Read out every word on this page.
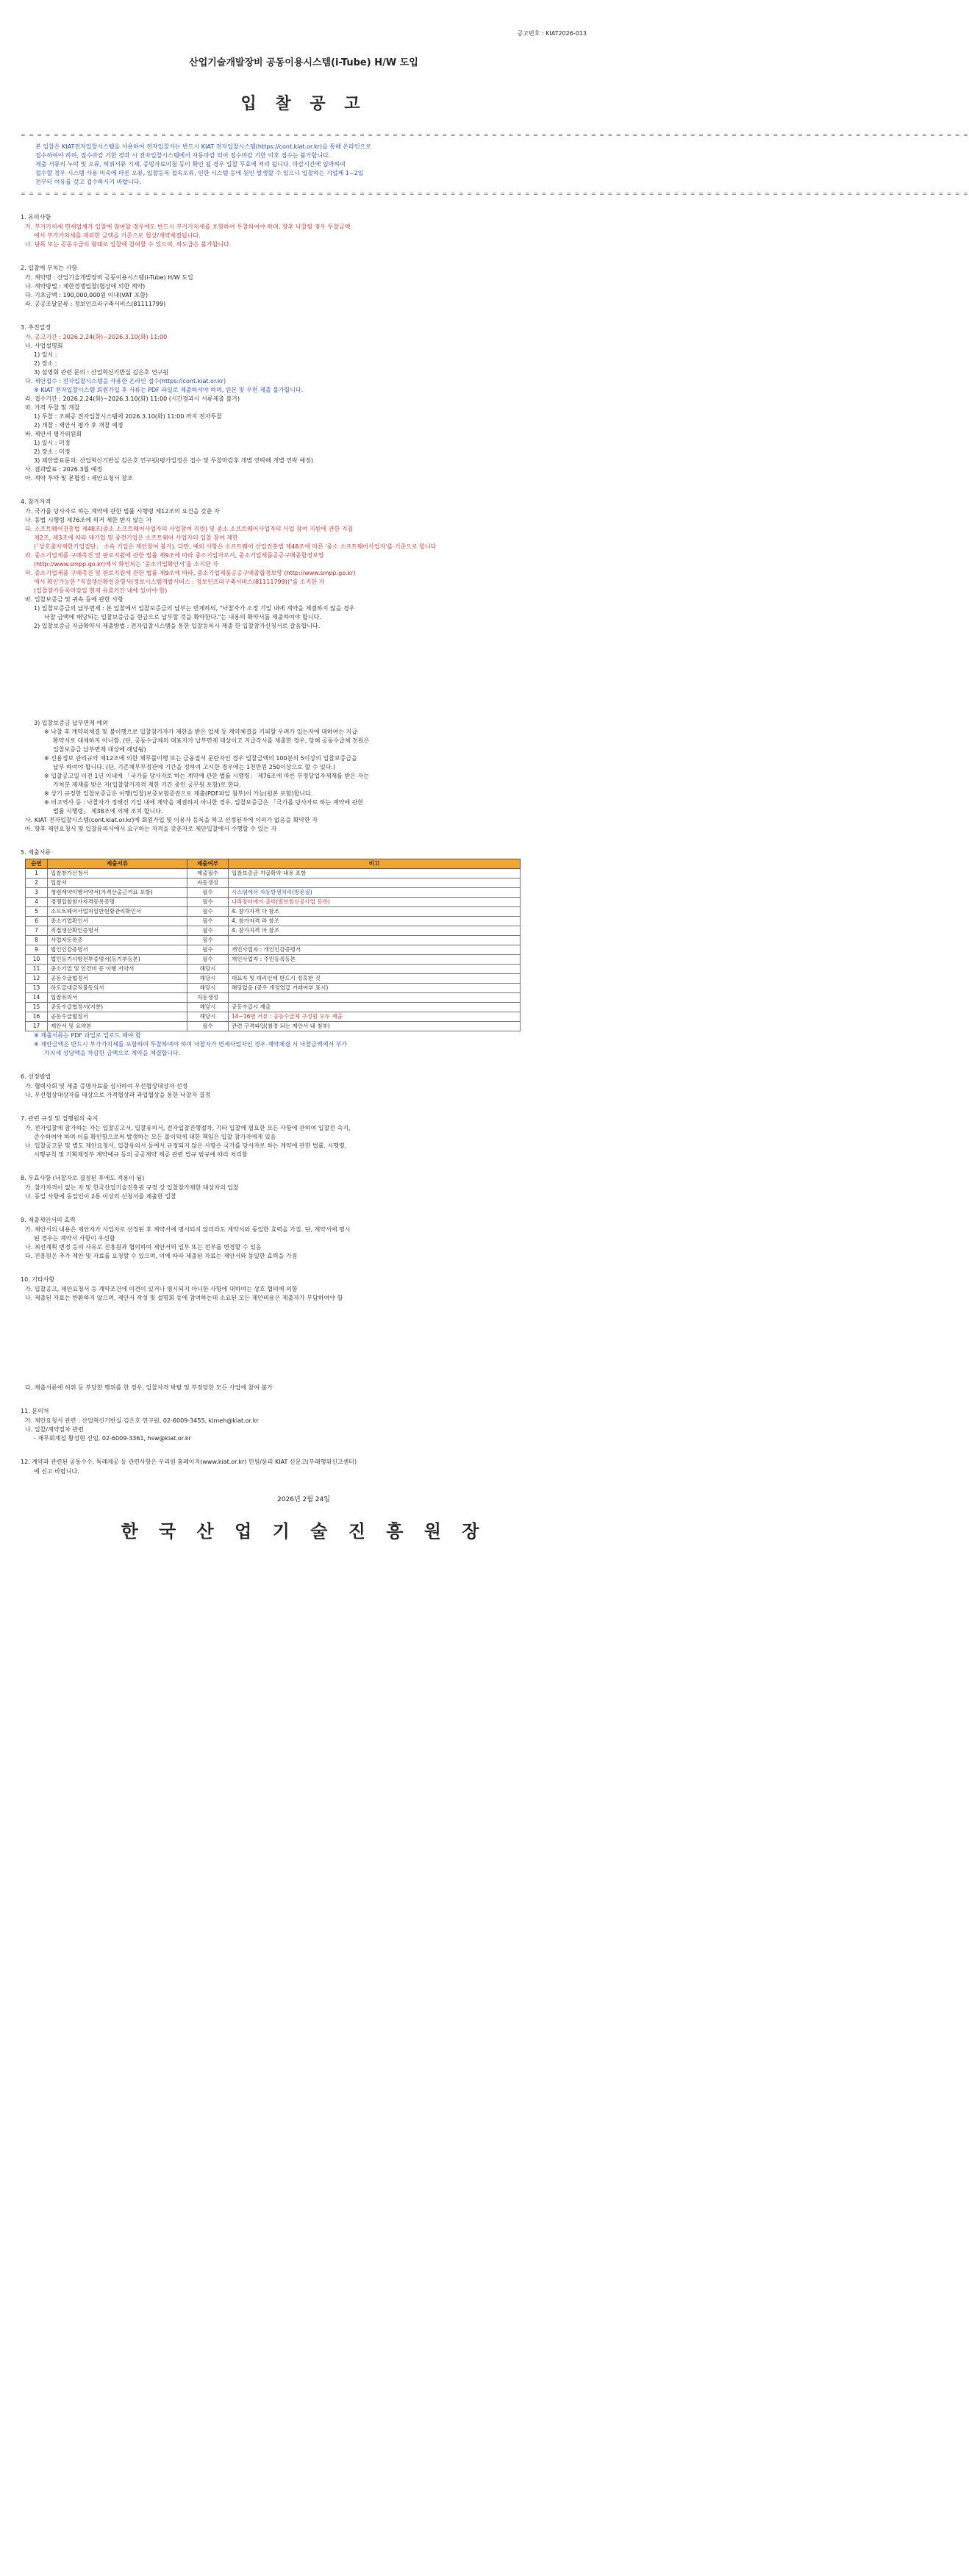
공고번호 : KIAT2026-013
산업기술개발장비 공동이용시스템(i-Tube) H/W 도입
입 찰 공 고
= = = = = = = = = = = = = = = = = = = = = = = = = = = = = = = = = = = = = = = = = = = = = = = = = = = = = = = = = = = = = = = = = = = = = = = = = = = = = = = = = = = = = = = = = = = = = = = = = = = = = = = = = = = = = = = = = = =
본 입찰은 KIAT전자입찰시스템을 사용하여 전자입찰서는 반드시 KIAT 전자입찰시스템(https://cont.kiat.or.kr)을 통해 온라인으로
접수하여야 하며, 접수마감 기한 경과 시 전자입찰시스템에서 자동마감 되어 접수마감 기한 이후 접수는 불가합니다.
제출 서류의 누락 및 오류, 허위서류 기재, 증빙자료미첨 등이 확인 될 경우 입찰 무효에 처리 됩니다. 마감시간에 임박하여
접수할 경우 시스템 사용 미숙에 따른 오류, 입찰등록 접속오류, 인한 시스템 등에 원인 발생할 수 있으니 입찰하는 기업께 1~2일
전부터 여유를 갖고 접수하시기 바랍니다.
= = = = = = = = = = = = = = = = = = = = = = = = = = = = = = = = = = = = = = = = = = = = = = = = = = = = = = = = = = = = = = = = = = = = = = = = = = = = = = = = = = = = = = = = = = = = = = = = = = = = = = = = = = = = = = = = = = =
1. 유의사항
가. 부가가치세 면세업체가 입찰에 참여할 경우에도 반드시 부가가치세를 포함하여 투찰하여야 하며, 향후 낙찰될 경우 투찰금액
에서 부가가치세를 제외한 금액을 기준으로 협상/계약체결됩니다.
나. 단독 또는 공동수급의 형태로 입찰에 참여할 수 있으며, 하도급은 불가합니다.
2. 입찰에 부치는 사항
가. 계약명 : 산업기술개발장비 공동이용시스템(i-Tube) H/W 도입
나. 계약방법 : 제한경쟁입찰(협상에 의한 계약)
다. 기초금액 : 190,000,000원 이내(VAT 포함)
라. 공공조달분류 : 정보인프라구축서비스(81111799)
3. 추진일정
가. 공고기간 : 2026.2.24(화)~2026.3.10(화) 11:00
나. 사업설명회
1) 일시 :
2) 장소 :
3) 설명회 관련 문의 : 산업혁신기반실 김은호 연구원
다. 제안접수 : 전자입찰시스템을 사용한 온라인 접수(https://cont.kiat.or.kr)
※ KIAT 전자입찰시스템 회원가입 후 서류는 PDF 파일로 제출하셔야 하며, 원본 및 우편 제출 불가합니다.
라. 접수기간 : 2026.2.24(화)~2026.3.10(화) 11:00 (시간경과시 서류제출 불가)
마. 가격 투찰 및 개찰
1) 투찰 : 조폐공 전자입찰시스템에 2026.3.10(화) 11:00 까지 전자투찰
2) 개찰 : 제안서 평가 후 개찰 예정
바. 제안서 평가위원회
1) 일시 : 미정
2) 장소 : 미정
3) 제안발표문의: 산업혁신기반실 김은호 연구원(평가일정은 접수 및 투찰마감후 개별 연락해 개별 연락 예정)
사. 결과발표 : 2026.3월 예정
아. 계약 투약 및 본협정 : 제안요청서 참조
4. 참가자격
가. 국가를 당사자로 하는 계약에 관한 법률 시행령 제12조의 요건을 갖춘 자
나. 동법 시행령 제76조에 의거 제한 받지 않는 자
다. 소프트웨어진흥법 제48조(중소 소프트웨어사업자의 사업참여 지원) 및 중소 소프트웨어사업자의 사업 참여 지원에 관한 지침
제2조, 제3조에 따라 대기업 및 중견기업은 소프트웨어 사업자의 입찰 참여 제한
(「상호출자제한기업집단」 소속 기업은 제안참여 불가). 다만, 예외 사항은 소프트웨어 산업진흥법 제48조에 따른 '중소 소프트웨어사업자'를 기준으로 합니다
라. 중소기업제품 구매촉진 및 판로지원에 관한 법률 제9조에 따라 중소기업자로서, 중소기업제품공공구매종합정보망
(http://www.smpp.go.kr)에서 확인되는 '중소기업확인서'를 소지한 자
마. 중소기업제품 구매촉진 및 판로지원에 관한 법률 제9조에 따라, 중소기업제품공공구매종합정보망 (http://www.smpp.go.kr)
에서 확인가능한 "직접생산확인증명서(정보시스템개발서비스 : 정보인프라구축서비스(81111799))"를 소지한 자
(입찰참가등록마감일 현재 유효기간 내에 있어야 함)
바. 입찰보증금 및 귀속 등에 관한 사항
1) 입찰보증금의 납부면제 : 본 입찰에서 입찰보증금의 납부는 면제하되, "낙찰자가 소정 기일 내에 계약을 체결하지 않을 경우
낙찰 금액에 해당되는 입찰보증금을 현금으로 납부할 것을 확약한다."는 내용의 확약서를 제출하여야 합니다.
2) 입찰보증금 지급확약서 제출방법 : 전자입찰시스템을 통한 입찰등록시 제출 한 입찰참가신청서로 갈음합니다.
3) 입찰보증금 납부면제 예외
※ 낙찰 후 계약의체결 및 불이행으로 입찰참가자가 제한을 받은 업체 등 계약체결을 기피할 우려가 있는자에 대하여는 지급
확약서로 대체하지 아니함. (단, 공동수급체의 대표자가 납부면제 대상이고 지급각서를 제출한 경우, 당해 공동수급체 전원은
입찰보증금 납부면제 대상에 해당됨)
※ 신용정보 관리규약 제12조에 의한 채무불이행 또는 금융질서 문란자인 경우 입찰금액의 100분의 5이상의 입찰보증금을
납부 하여야 합니다. (단, 기존채무부정관에 기간을 정하여 고시한 경우에는 1천만원 250이상으로 할 수 있다.)
※ 입찰공고일 이전 1년 이내에 「국가를 당사자로 하는 계약에 관한 법률 시행령」 제76조에 따른 부정당업자제재를 받은 자는
가처분 제재를 받은 자(입찰참가자격 제한 기간 중인 공무원 포함)로 한다.
※ 상기 규정한 입찰보증금은 이행(입찰)보증보험증권으로 제출(PDF파일 첨부)이 가능(원본 포함)합니다.
※ 비고역사 등 : 낙찰자가 정해진 기일 내에 계약을 체결하지 아니한 경우, 입찰보증금은 「국가를 당사자로 하는 계약에 관한
법률 시행령」 제38조에 의해 조치 합니다.
사. KIAT 전자입찰시스템(cont.kiat.or.kr)에 회원가입 및 이용자 등록을 하고 선정된자에 이의가 없음을 확약한 자
아. 향후 제안요청서 및 입찰유의서에서 요구하는 자격을 갖춘자로 제안입찰에서 수행할 수 있는 자
5. 제출서류
순번	제출서류	제출여부	비고
1	입찰참가신청서	제출필수	입찰보증금 지급확약 내용 포함
2	입찰서	자동생성	
3	청렴계약이행서약서(가격산출근거표 포함)	필수	시스템에서 자동발생처리(방문필)
4	경쟁입찰참가자격등록증명	필수	나라장터에서 출력(발보함신공사업 등록)
5	소프트웨어사업자일반현황관리확인서	필수	4. 참가자격 다 참조
6	중소기업확인서	필수	4. 참가자격 라 참조
7	직접생산확인증명서	필수	4. 참가자격 마 참조
8	사업자등록증	필수	
9	법인인감증명서	필수	개인사업자 : 개인인감증명서
10	법인등기사항전부증명서(등기부등본)	필수	개인사업자 : 주민등록등본
11	중소기업 및 인건비 등 이행 서약서	해당시	
12	공동수급협정서	해당시	대표자 및 대리인에 반드시 정혹한 것
13	하도급대금직불동의서	해당시	해당없음 (공우 개정업급 거래여부 표시)
14	입찰유의서	자동생성	
15	공동수급협정서(지분)	해당시	공동수급시 제출
16	공동수급협정서	해당시	14~16번 서류 : 공동수급체 구성원 모두 제출
17	제안서 및 요약본	필수	관련 구격파일(첨정 되는 제안서 내 첨부)
※ 제출서류는 PDF 파일로 업로드 해야 함
※ 제안금액은 반드시 부가가치세를 포함하여 투찰하여야 하며 낙찰자가 면세사업자인 경우 계약체결 시 낙찰금액에서 부가
가치세 상당액을 차감한 금액으로 계약을 체결합니다.
6. 선정방법
가. 협력사회 및 제출 증명자료를 심사하여 우선협상대상자 선정
나. 우선협상대상자를 대상으로 가격협상과 과업협상을 통한 낙찰자 결정
7. 관련 규정 및 집행원의 숙지
가. 전자입찰에 참가하는 자는 입찰공고서, 입찰유의서, 전자입찰진행절차, 기타 입찰에 필요한 모든 사항에 관하여 입찰전 숙지,
준수하여야 하며 이를 확인함으로써 발생하는 모든 불이익에 대한 책임은 입찰 참가자에게 있음
나. 입찰공고문 및 별도 제안요청서, 입찰유의서 등에서 규정되지 않은 사항은 국가를 당사자로 하는 계약에 관한 법률, 시행령,
시행규칙 및 기획재정부 계약예규 등의 공공계약 제공 관련 법규 범규에 따라 처리함
8. 무효사항 (낙찰자로 결정된 후에도 적용이 됨)
가. 참가자격이 없는 자 및 한국산업기술진흥원 규정 상 입찰참가제한 대상자의 입찰
나. 동일 사항에 동일인이 2통 이상의 신청서를 제출한 입찰
9. 제출제안서의 효력
가. 제안서의 내용은 제안자가 사업자로 선정된 후 계약서에 명시되지 않더라도 계약서와 동일한 효력을 가짐. 단, 계약서에 명시
된 경우는 계약서 사항이 우선함
나. 최선계획 변경 등의 사유로 진흥원과 협의하여 제안서의 일부 또는 전부를 변경할 수 있음
다. 진흥원은 추가 제안 및 자료를 요청할 수 있으며, 이에 따라 제출된 자료는 제안서와 동일한 효력을 가짐
10. 기타사항
가. 입찰공고, 제안요청서 등 계약조건에 이견이 있거나 명시되지 아니한 사항에 대하여는 상호 협의에 의함
나. 제출된 자료는 반환하지 않으며, 제안서 작성 및 설명회 등에 참여하는데 소요된 모든 제안비용은 제출자가 부담하여야 함
다. 제출서류에 허위 등 부당한 행위를 한 경우, 입찰자격 박탈 및 부정당한 모든 사업에 참여 불가
11. 문의처
가. 제안요청서 관련 : 산업혁신기반실 김은호 연구원, 02-6009-3455, kimeh@kiat.or.kr
나. 입찰/계약절차 관련
- 재무회계실 황성현 선임, 02-6009-3361, hsw@kiat.or.kr
12. 계약과 관련된 공통수수, 특례제공 등 관련사항은 우리원 홈페이지(www.kiat.or.kr) 민원/윤리 KIAT 신문고(부패행위신고센터)
에 신고 바랍니다.
2026년 2월 24일
한 국 산 업 기 술 진 흥 원 장
